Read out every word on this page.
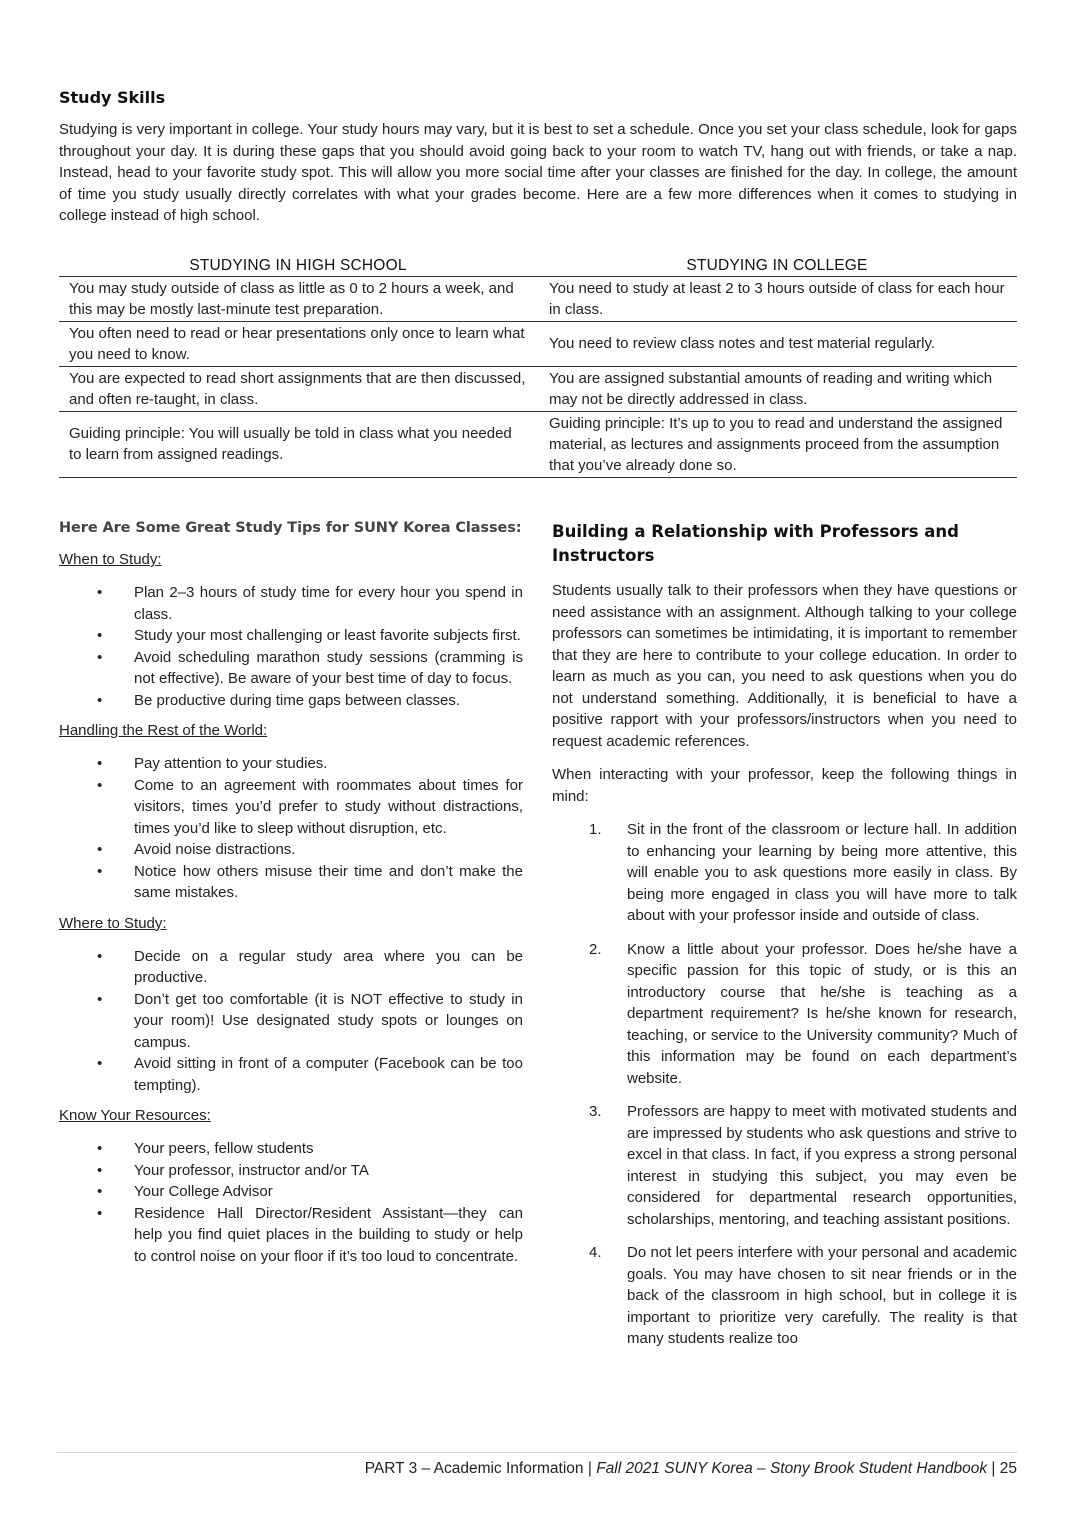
Study Skills

Studying is very important in college. Your study hours may vary, but it is best to set a schedule. Once you set your class schedule, look for gaps throughout your day. It is during these gaps that you should avoid going back to your room to watch TV, hang out with friends, or take a nap. Instead, head to your favorite study spot. This will allow you more social time after your classes are finished for the day. In college, the amount of time you study usually directly correlates with what your grades become. Here are a few more differences when it comes to studying in college instead of high school.

STUDYING IN HIGH SCHOOL	STUDYING IN COLLEGE
You may study outside of class as little as 0 to 2 hours a week, and this may be mostly last-minute test preparation.	You need to study at least 2 to 3 hours outside of class for each hour in class.
You often need to read or hear presentations only once to learn what you need to know.	You need to review class notes and test material regularly.
You are expected to read short assignments that are then discussed, and often re-taught, in class.	You are assigned substantial amounts of reading and writing which may not be directly addressed in class.
Guiding principle: You will usually be told in class what you needed to learn from assigned readings.	Guiding principle: It’s up to you to read and understand the assigned material, as lectures and assignments proceed from the assumption that you’ve already done so.
Here Are Some Great Study Tips for SUNY Korea Classes:
When to Study:
• Plan 2–3 hours of study time for every hour you spend in class.
• Study your most challenging or least favorite subjects first.
• Avoid scheduling marathon study sessions (cramming is not effective). Be aware of your best time of day to focus.
• Be productive during time gaps between classes.
Handling the Rest of the World:
• Pay attention to your studies.
• Come to an agreement with roommates about times for visitors, times you’d prefer to study without distractions, times you’d like to sleep without disruption, etc.
• Avoid noise distractions.
• Notice how others misuse their time and don’t make the same mistakes.
Where to Study:
• Decide on a regular study area where you can be productive.
• Don’t get too comfortable (it is NOT effective to study in your room)! Use designated study spots or lounges on campus.
• Avoid sitting in front of a computer (Facebook can be too tempting).
Know Your Resources:
• Your peers, fellow students
• Your professor, instructor and/or TA
• Your College Advisor
• Residence Hall Director/Resident Assistant—they can help you find quiet places in the building to study or help to control noise on your floor if it’s too loud to concentrate.
Building a Relationship with Professors and Instructors

Students usually talk to their professors when they have questions or need assistance with an assignment. Although talking to your college professors can sometimes be intimidating, it is important to remember that they are here to contribute to your college education. In order to learn as much as you can, you need to ask questions when you do not understand something. Additionally, it is beneficial to have a positive rapport with your professors/instructors when you need to request academic references.

When interacting with your professor, keep the following things in mind:

1. Sit in the front of the classroom or lecture hall. In addition to enhancing your learning by being more attentive, this will enable you to ask questions more easily in class. By being more engaged in class you will have more to talk about with your professor inside and outside of class.
2. Know a little about your professor. Does he/she have a specific passion for this topic of study, or is this an introductory course that he/she is teaching as a department requirement? Is he/she known for research, teaching, or service to the University community? Much of this information may be found on each department’s website.
3. Professors are happy to meet with motivated students and are impressed by students who ask questions and strive to excel in that class. In fact, if you express a strong personal interest in studying this subject, you may even be considered for departmental research opportunities, scholarships, mentoring, and teaching assistant positions.
4. Do not let peers interfere with your personal and academic goals. You may have chosen to sit near friends or in the back of the classroom in high school, but in college it is important to prioritize very carefully. The reality is that many students realize too
PART 3 – Academic Information | Fall 2021 SUNY Korea – Stony Brook Student Handbook | 25
